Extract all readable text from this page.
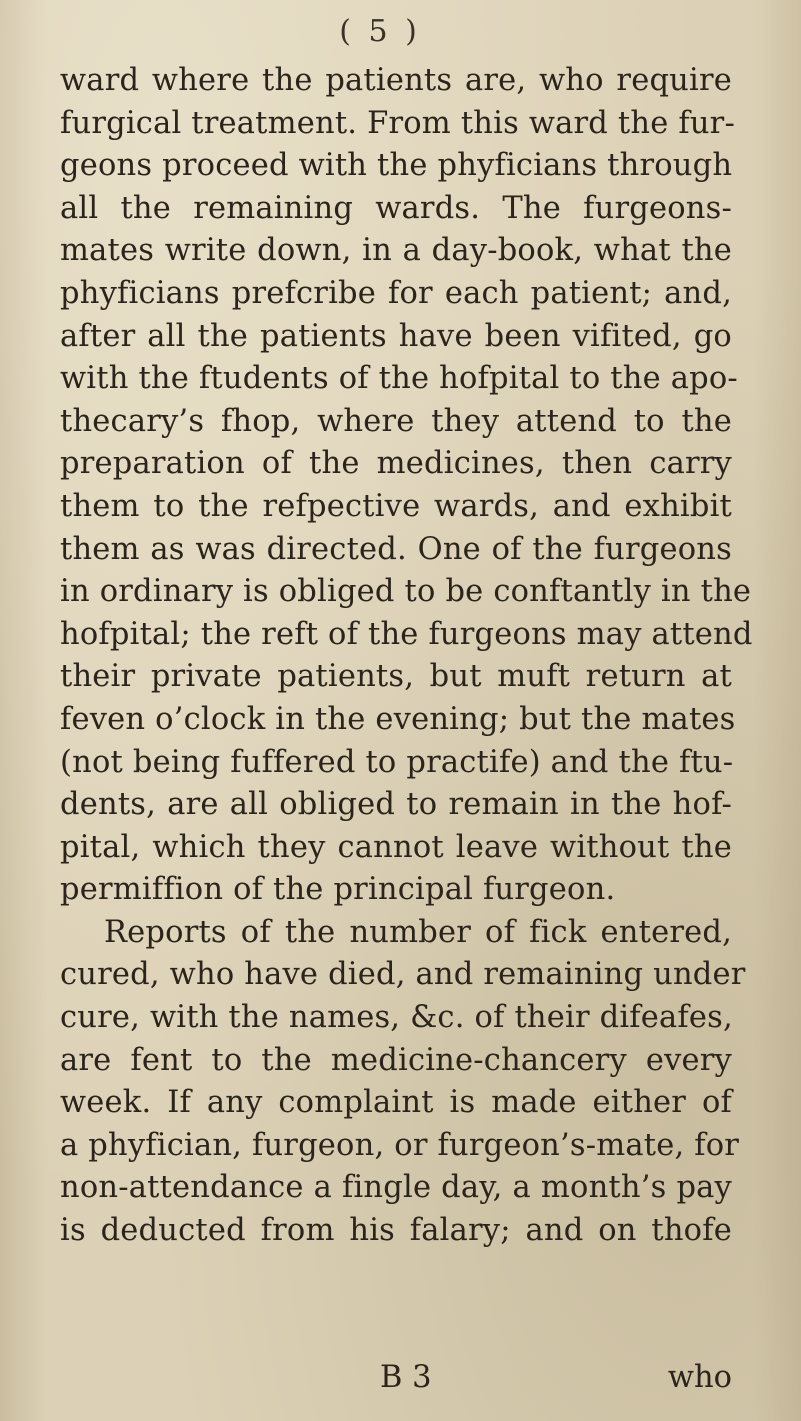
( 5 )
ward where the patients are, who require
furgical treatment. From this ward the fur-
geons proceed with the phyficians through
all the remaining wards. The furgeons-
mates write down, in a day-book, what the
phyficians prefcribe for each patient; and,
after all the patients have been vifited, go
with the ftudents of the hofpital to the apo-
thecary’s fhop, where they attend to the
preparation of the medicines, then carry
them to the refpective wards, and exhibit
them as was directed. One of the furgeons
in ordinary is obliged to be conftantly in the
hofpital; the reft of the furgeons may attend
their private patients, but muft return at
feven o’clock in the evening; but the mates
(not being fuffered to practife) and the ftu-
dents, are all obliged to remain in the hof-
pital, which they cannot leave without the
permiffion of the principal furgeon.
Reports of the number of fick entered,
cured, who have died, and remaining under
cure, with the names, &c. of their difeafes,
are fent to the medicine-chancery every
week. If any complaint is made either of
a phyfician, furgeon, or furgeon’s-mate, for
non-attendance a fingle day, a month’s pay
is deducted from his falary; and on thofe
B 3	who
